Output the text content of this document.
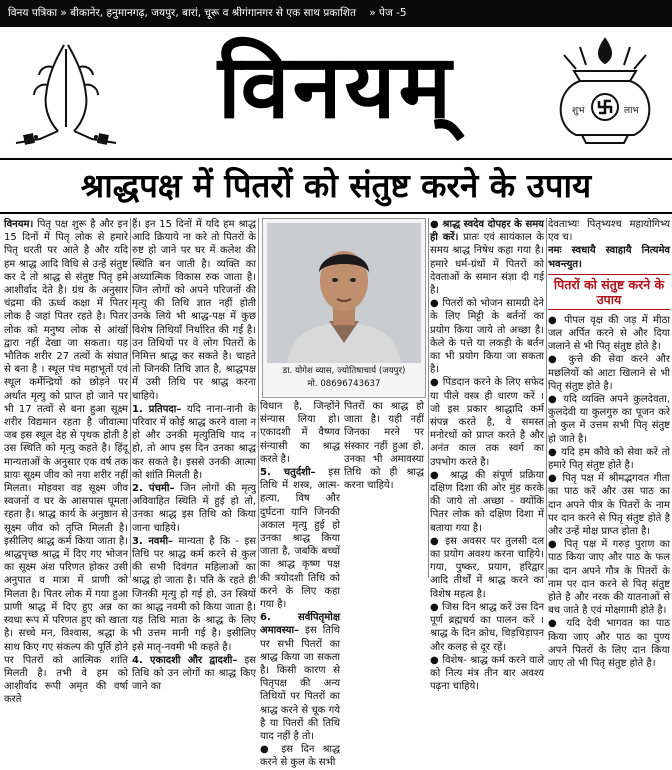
विनय पत्रिका » बीकानेर, हनुमानगढ़, जयपुर, बारां, चूरू व श्रीगंगानगर से एक साथ प्रकाशित » पेज -5
विनयम्	शुभ	लाभ
श्राद्धपक्ष में पितरों को संतुष्ट करने के उपाय
विनयम। पितृ पक्ष शुरू है और इन 15 दिनों में पितृ लोक से हमारे पितृ धरती पर आते है और यदि हम श्राद्ध आदि विधि से उन्हें संतुष्ट कर दे तो श्राद्ध से संतुष्ट पितृ हमे आशीर्वाद देते है। ग्रंथ के अनुसार चंद्रमा की ऊर्ध्व कक्षा में पितर लोक है जहां पितर रहते है। पितर लोक को मनुष्य लोक से आंखों द्वारा नहीं देखा जा सकता। यह भौतिक शरीर 27 तत्वों के संघात से बना है । स्थूल पंच महाभूतों एवं स्थूल कर्मेन्द्रियों को छोड़ने पर अर्थात मृत्यु को प्राप्त हो जाने पर भी 17 तत्वों से बना हुआ सूक्ष्म शरीर विद्यमान रहता है जीवात्मा जब इस स्थूल देह से पृथक होती है उस स्थिति को मृत्यु कहते है। हिंदू मान्यताओं के अनुसार एक वर्ष तक प्रायः सूक्ष्म जीव को नया शरीर नहीं मिलता। मोहवश वह सूक्ष्म जीव स्वजनों व घर के आसपास घूमता रहता है। श्राद्ध कार्य के अनुष्ठान से सूक्ष्म जीव को तृप्ति मिलती है। इसीलिए श्राद्ध कर्म किया जाता है। श्राद्धपृच्छ श्राद्ध में दिए गए भोजन का सूक्ष्म अंश परिणत होकर उसी अनुपात व मात्रा में प्राणी को मिलता है। पितर लोक में गया हुआ प्राणी श्राद्ध में दिए हुए अन्न का स्वधा रूप में परिणत हुए को खाता है। सच्चे मन, विश्वास, श्रद्धा के साथ किए गए संकल्प की पूर्ति होने पर पितरों को आत्मिक शांति मिलती है। तभी वे हम को आशीर्वाद रूपी अमृत की वर्षा करते
हैं। इन 15 दिनों में यदि हम श्राद्ध आदि क्रियाये ना करे तो पितरों के रुष्ट हो जाने पर घर में कलेश की स्थिति बन जाती है। व्यक्ति का अध्यात्मिक विकास रुक जाता है। जिन लोगों को अपने परिजनों की मृत्यु की तिथि ज्ञात नहीं होती उनके लिये भी श्राद्ध-पक्ष में कुछ विशेष तिथियाँ निर्धारित की गई है। उन तिथियों पर वे लोग पितरों के निमित्त श्राद्ध कर सकते है। चाहते तो जिनकी तिथि ज्ञात है, श्राद्धपक्ष में उसी तिथि पर श्राद्ध करना चाहिये।
1. प्रतिपदा– यदि नाना-नानी के परिवार में कोई श्राद्ध करने वाला न हो और उनकी मृत्युतिथि याद न हो, तो आप इस दिन उनका श्राद्ध कर सकते है। इससे उनकी आत्मा को शांति मिलती है।
2. पंचमी– जिन लोगों की मृत्यु अविवाहित स्थिति में हुई हो तो, उनका श्राद्ध इस तिथि को किया जाना चाहिये।
3. नवमी– मान्यता है कि - इस तिथि पर श्राद्ध कर्म करने से कुल की सभी दिवंगत महिलाओं का श्राद्ध हो जाता है। पति के रहते ही जिनकी मृत्यु हो गई हो, उन स्त्रियों का श्राद्ध नवमी को किया जाता है। यह तिथि माता के श्राद्ध के लिए भी उत्तम मानी गई है। इसीलिए इसे मातृ-नवमी भी कहते है।
4. एकादशी और द्वादशी– इस तिथि को उन लोगों का श्राद्ध किए जाने का
डा. योगेश व्यास, ज्योतिषाचार्य (जयपुर)
मो. 08696743637
विधान है, जिन्होंने संन्यास लिया हो। एकादशी में वैष्णव संन्यासी का श्राद्ध करते है।
5. चतुर्दशी– इस तिथि में शस्त्र, आत्म-हत्या, विष और दुर्घटना यानि जिनकी अकाल मृत्यु हुई हो उनका श्राद्ध किया जाता है, जबकि बच्चों का श्राद्ध कृष्ण पक्ष की त्रयोदशी तिथि को करने के लिए कहा गया है।
6. सर्वपितृमोक्ष अमावस्या– इस तिथि पर सभी पितरों का श्राद्ध किया जा सकता है। किसी कारण से पितृपक्ष की अन्य तिथियों पर पितरों का श्राद्ध करने से चूक गये है या पितरों की तिथि याद नहीं है तो।
● इस दिन श्राद्ध करने से कुल के सभी
पितरों का श्राद्ध हो जाता है। यही नहीं जिनका मरने पर संस्कार नहीं हुआ हो, उनका भी अमावस्या तिथि को ही श्राद्ध करना चाहिये।
● श्राद्ध स्वदेव दोपहर के समय ही करें। प्रातः एवं सायंकाल के समय श्राद्ध निषेध कहा गया है। हमारे धर्म-ग्रंथों में पितरों को देवताओं के समान संज्ञा दी गई है।
● पितरों को भोजन सामग्री देने के लिए मिट्टी के बर्तनों का प्रयोग किया जाये तो अच्छा है। केले के पत्ते या लकड़ी के बर्तन का भी प्रयोग किया जा सकता है।
● पिंडदान करने के लिए सफेद या पीले वस्त्र ही धारण करें । जो इस प्रकार श्राद्धादि कर्म संपन्न करते है, वे समस्त मनोरथों को प्राप्त करते है और अनंत काल तक स्वर्ग का उपभोग करते है।
● श्राद्ध की संपूर्ण प्रक्रिया दक्षिण दिशा की ओर मुंह करके की जाये तो अच्छा - क्योंकि पितर लोक को दक्षिण दिशा में बताया गया है।
● इस अवसर पर तुलसी दल का प्रयोग अवश्य करना चाहिये। गया, पुष्कर, प्रयाग, हरिद्वार आदि तीर्थों में श्राद्ध करने का विशेष महत्व है।
● जिस दिन श्राद्ध करें उस दिन पूर्ण ब्रह्मचर्य का पालन करें । श्राद्ध के दिन क्रोध, चिड़चिड़ापन और कलह से दूर रहें।
● विशेष- श्राद्ध कर्म करने वाले को नित्य मंत्र तीन बार अवश्य पढ़ना चाहिये।
देवताभ्यः पितृभ्यश्च महायोगिभ्य एव च।
नमः स्वधायै स्वाहायै नित्यमेव भवन्त्युत।
पितरों को संतुष्ट करने के उपाय
● पीपल वृक्ष की जड़ में मीठा जल अर्पित करने से और दिया जलाने से भी पितृ संतुष्ट होते है।
● कुत्ते की सेवा करने और मछलियों को आटा खिलाने से भी पितृ संतुष्ट होते है।
● यदि व्यक्ति अपने कुलदेवता, कुलदेवी या कुलगुरु का पूजन करे तो कुल में उत्तम सभी पितृ संतुष्ट हो जाते है।
● यदि हम कौवे को सेवा करें तो हमारे पितृ संतुष्ट होते है।
● पितृ पक्ष में श्रीमद्भगवत गीता का पाठ करें और उस पाठ का दान अपने पीत्र के पितरों के नाम पर दान करने से पितृ संतुष्ट होते है और उन्हें मोक्ष प्राप्त होता है।
● पितृ पक्ष में गरुड़ पुराण का पाठ किया जाए और पाठ के फल का दान अपने गौत्र के पितरों के नाम पर दान करने से पितृ संतुष्ट होते है और नरक की यातनाओं से बच जाते है एवं मोक्षगामी होते है।
● यदि देवी भागवत का पाठ किया जाए और पाठ का पुण्य अपने पितरों के लिए दान किया जाए तो भी पितृ संतुष्ट होते है।
